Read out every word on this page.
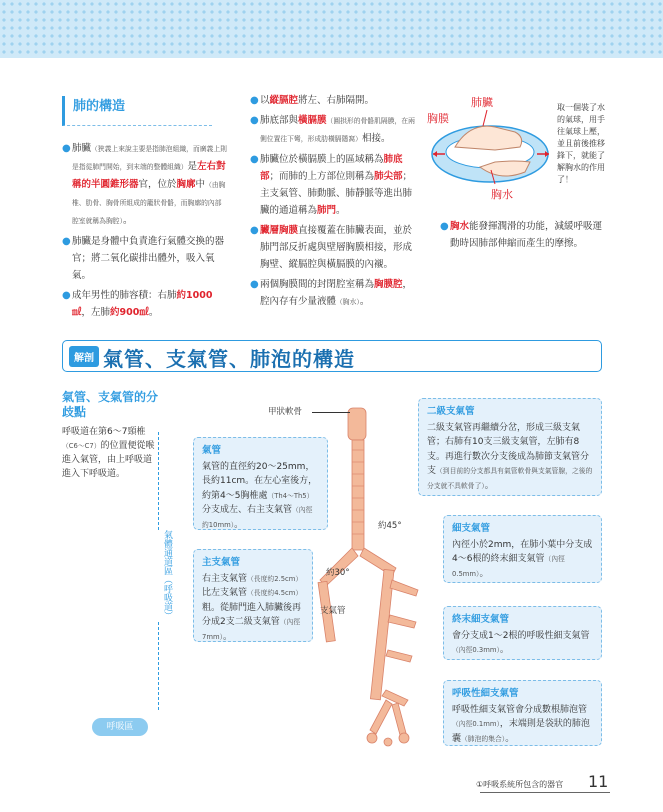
肺的構造

● 肺臟（狹義上來說主要是指肺泡組織，而廣義上則是指從肺門開始，到末端的整體組織）是左右對稱的半圓錐形器官，位於胸廓中（由胸椎、肋骨、胸骨所組成的籠狀骨骼，而胸廓的內部腔室就稱為胸腔）。

● 肺臟是身體中負責進行氣體交換的器官；將二氧化碳排出體外，吸入氧氣。

● 成年男性的肺容積：右肺約1000㎖，左肺約900㎖。

● 以縱膈腔將左、右肺隔開。

● 肺底部與橫膈膜（圓拱形的骨骼肌隔膜，在兩側位置往下彎，形成肋橫膈隱窩）相接。

● 肺臟位於橫膈膜上的區域稱為肺底部；而肺的上方部位則稱為肺尖部；主支氣管、肺動脈、肺靜脈等進出肺臟的通道稱為肺門。

● 臟層胸膜直接覆蓋在肺臟表面，並於肺門部反折處與壁層胸膜相接，形成胸壁、縱膈腔與橫膈膜的內襯。

● 兩個胸膜間的封閉腔室稱為胸膜腔，腔內存有少量液體（胸水）。

肺臟
胸膜
胸水
取一個裝了水的氣球，用手往氣球上壓，並且前後推移鋒下，就能了解胸水的作用了！

● 胸水能發揮潤滑的功能，減緩呼吸運動時因肺部伸縮而產生的摩擦。

解剖 氣管、支氣管、肺泡的構造
氣管、支氣管的分歧點
呼吸道在第6～7頸椎（C6～C7）的位置便從喉進入氣管，由上呼吸道進入下呼吸道。
氣體通道區（呼吸道）
呼吸區
甲狀軟骨
約45°
約30°
支氣管
氣管
氣管的直徑約20～25mm，長約11cm。在左心室後方，約第4～5胸椎處（Th4～Th5）分支成左、右主支氣管（內徑約10mm）。
主支氣管
右主支氣管（長度約2.5cm）比左支氣管（長度約4.5cm）粗。從肺門進入肺臟後再分成2支二級支氣管（內徑7mm）。
二級支氣管
二級支氣管再繼續分岔，形成三級支氣管；右肺有10支三級支氣管，左肺有8支。再進行數次分支後成為肺節支氣管分支（到目前的分支都具有氣管軟骨與支氣管腺，之後的分支就不具軟骨了）。
細支氣管
內徑小於2mm，在肺小葉中分支成4～6根的終末細支氣管（內徑0.5mm）。
終末細支氣管
會分支成1～2根的呼吸性細支氣管（內徑0.3mm）。
呼吸性細支氣管
呼吸性細支氣管會分成數根肺泡管（內徑0.1mm），末端則是袋狀的肺泡囊（肺泡的集合）。
①呼吸系統所包含的器官 11
